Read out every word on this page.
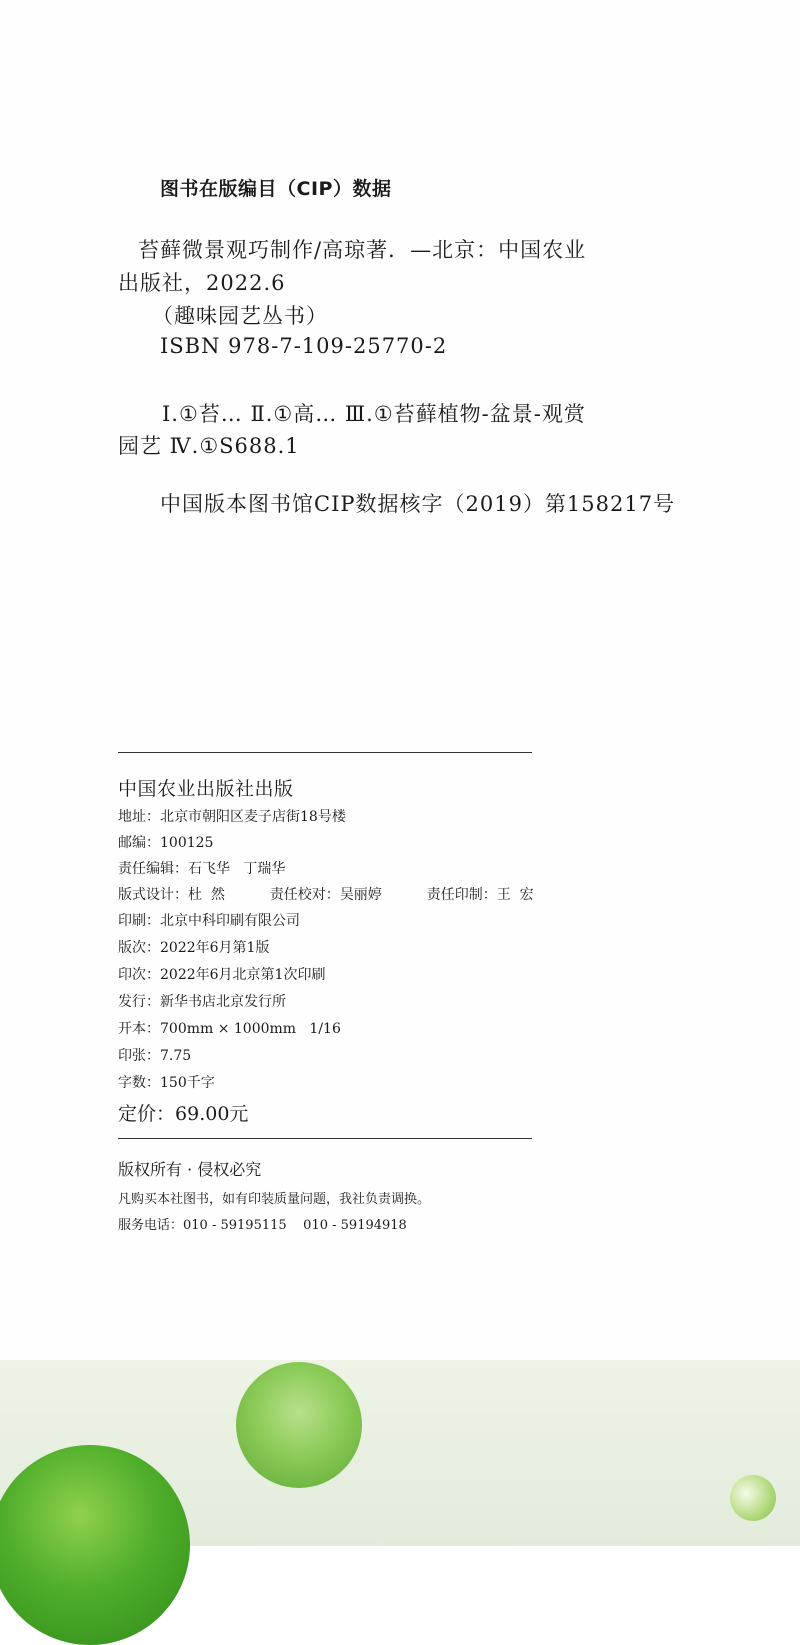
图书在版编目（CIP）数据
苔藓微景观巧制作/高琼著．—北京：中国农业
出版社，2022.6
（趣味园艺丛书）
ISBN 978-7-109-25770-2
Ⅰ.①苔… Ⅱ.①高… Ⅲ.①苔藓植物-盆景-观赏
园艺 Ⅳ.①S688.1
中国版本图书馆CIP数据核字（2019）第158217号
中国农业出版社出版
地址：北京市朝阳区麦子店街18号楼
邮编：100125
责任编辑：石飞华   丁瑞华
版式设计：杜  然	责任校对：吴丽婷	责任印制：王  宏
印刷：北京中科印刷有限公司
版次：2022年6月第1版
印次：2022年6月北京第1次印刷
发行：新华书店北京发行所
开本：700mm × 1000mm   1/16
印张：7.75
字数：150千字
定价：69.00元
版权所有 · 侵权必究
凡购买本社图书，如有印装质量问题，我社负责调换。
服务电话：010 - 59195115    010 - 59194918
